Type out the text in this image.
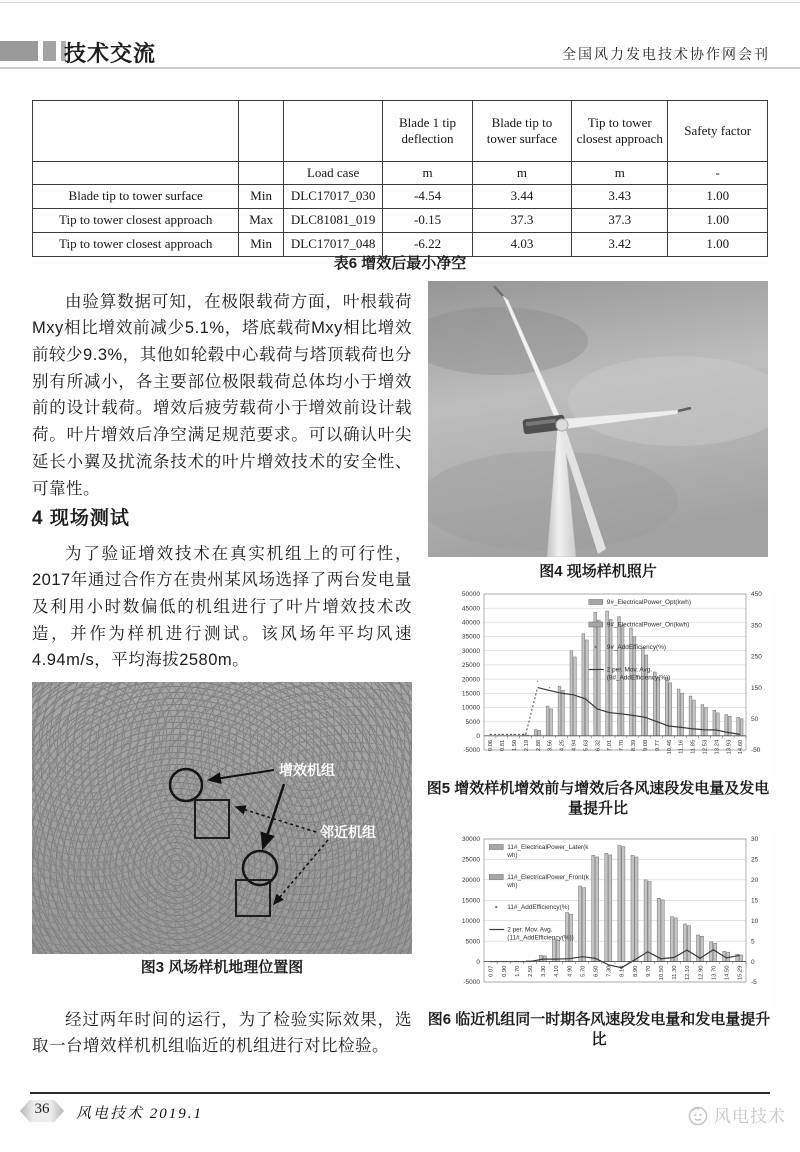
技术交流	全国风力发电技术协作网会刊
			Blade 1 tip deflection	Blade tip to tower surface	Tip to tower closest approach	Safety factor
		Load case	m	m	m	-
Blade tip to tower surface	Min	DLC17017_030	-4.54	3.44	3.43	1.00
Tip to tower closest approach	Max	DLC81081_019	-0.15	37.3	37.3	1.00
Tip to tower closest approach	Min	DLC17017_048	-6.22	4.03	3.42	1.00
表6 增效后最小净空

由验算数据可知，在极限载荷方面，叶根载荷Mxy相比增效前减少5.1%，塔底载荷Mxy相比增效前较少9.3%，其他如轮毂中心载荷与塔顶载荷也分别有所减小，各主要部位极限载荷总体均小于增效前的设计载荷。增效后疲劳载荷小于增效前设计载荷。叶片增效后净空满足规范要求。可以确认叶尖延长小翼及扰流条技术的叶片增效技术的安全性、可靠性。

4 现场测试

为了验证增效技术在真实机组上的可行性，2017年通过合作方在贵州某风场选择了两台发电量及利用小时数偏低的机组进行了叶片增效技术改造，并作为样机进行测试。该风场年平均风速4.94m/s，平均海拔2580m。

增效机组
邻近机组
图3 风场样机地理位置图

经过两年时间的运行，为了检验实际效果，选取一台增效样机机组临近的机组进行对比检验。

图4 现场样机照片
50000
45000
40000
35000
30000
25000
20000
15000
10000
5000
0
-5000
450
350
250
150
50
-50
0.06 0.81 1.50 2.19 2.88 3.56 4.25 4.94 5.63 6.32 7.01 7.70 8.39 9.08 9.77 10.46 11.16 11.85 12.53 13.24 13.93 14.60
9#_ElectricalPower_Opt(kwh)
9#_ElectricalPower_Ori(kwh)
9#_AddEfficiency(%)
2 per. Mov. Avg.
(9#_AddEfficiency(%))
图5 增效样机增效前与增效后各风速段发电量及发电量提升比
30000
25000
20000
15000
10000
5000
0
-5000
30
25
20
15
10
5
0
-5
0.07 0.90 1.70 2.50 3.30 4.10 4.90 5.70 6.50 7.30 8.10 8.90 9.70 10.50 11.30 12.10 12.90 13.70 14.50 15.29
11#_ElectricalPower_Later(k
wh)
11#_ElectricalPower_Front(k
wh)
11#_AddEfficiency(%)
2 per. Mov. Avg.
(11#_AddEfficiency(%))
图6 临近机组同一时期各风速段发电量和发电量提升比
36	风电技术 2019.1	风电技术
